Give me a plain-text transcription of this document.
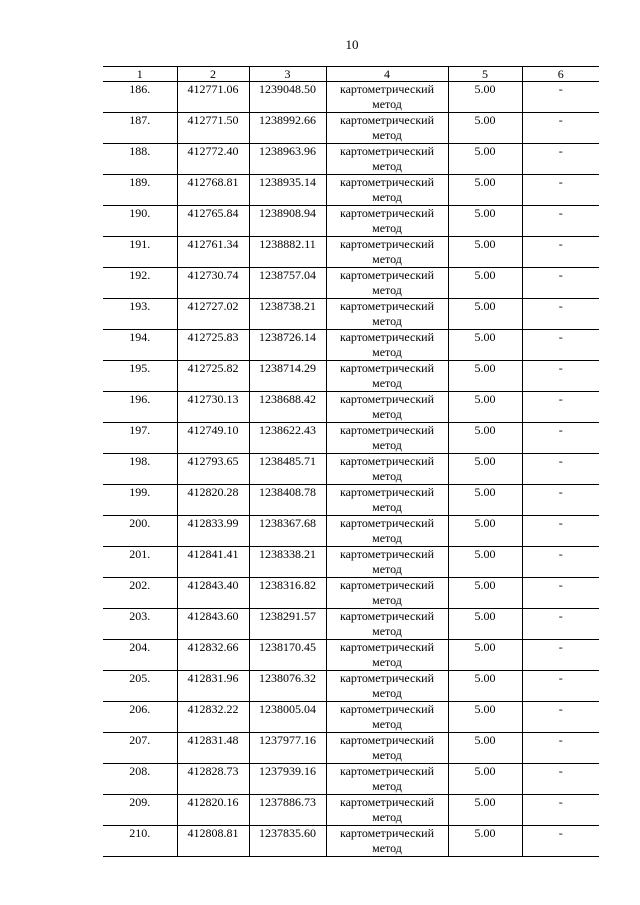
10
1	2	3	4	5	6
186.	412771.06	1239048.50	картометрический метод	5.00	-
187.	412771.50	1238992.66	картометрический метод	5.00	-
188.	412772.40	1238963.96	картометрический метод	5.00	-
189.	412768.81	1238935.14	картометрический метод	5.00	-
190.	412765.84	1238908.94	картометрический метод	5.00	-
191.	412761.34	1238882.11	картометрический метод	5.00	-
192.	412730.74	1238757.04	картометрический метод	5.00	-
193.	412727.02	1238738.21	картометрический метод	5.00	-
194.	412725.83	1238726.14	картометрический метод	5.00	-
195.	412725.82	1238714.29	картометрический метод	5.00	-
196.	412730.13	1238688.42	картометрический метод	5.00	-
197.	412749.10	1238622.43	картометрический метод	5.00	-
198.	412793.65	1238485.71	картометрический метод	5.00	-
199.	412820.28	1238408.78	картометрический метод	5.00	-
200.	412833.99	1238367.68	картометрический метод	5.00	-
201.	412841.41	1238338.21	картометрический метод	5.00	-
202.	412843.40	1238316.82	картометрический метод	5.00	-
203.	412843.60	1238291.57	картометрический метод	5.00	-
204.	412832.66	1238170.45	картометрический метод	5.00	-
205.	412831.96	1238076.32	картометрический метод	5.00	-
206.	412832.22	1238005.04	картометрический метод	5.00	-
207.	412831.48	1237977.16	картометрический метод	5.00	-
208.	412828.73	1237939.16	картометрический метод	5.00	-
209.	412820.16	1237886.73	картометрический метод	5.00	-
210.	412808.81	1237835.60	картометрический метод	5.00	-
